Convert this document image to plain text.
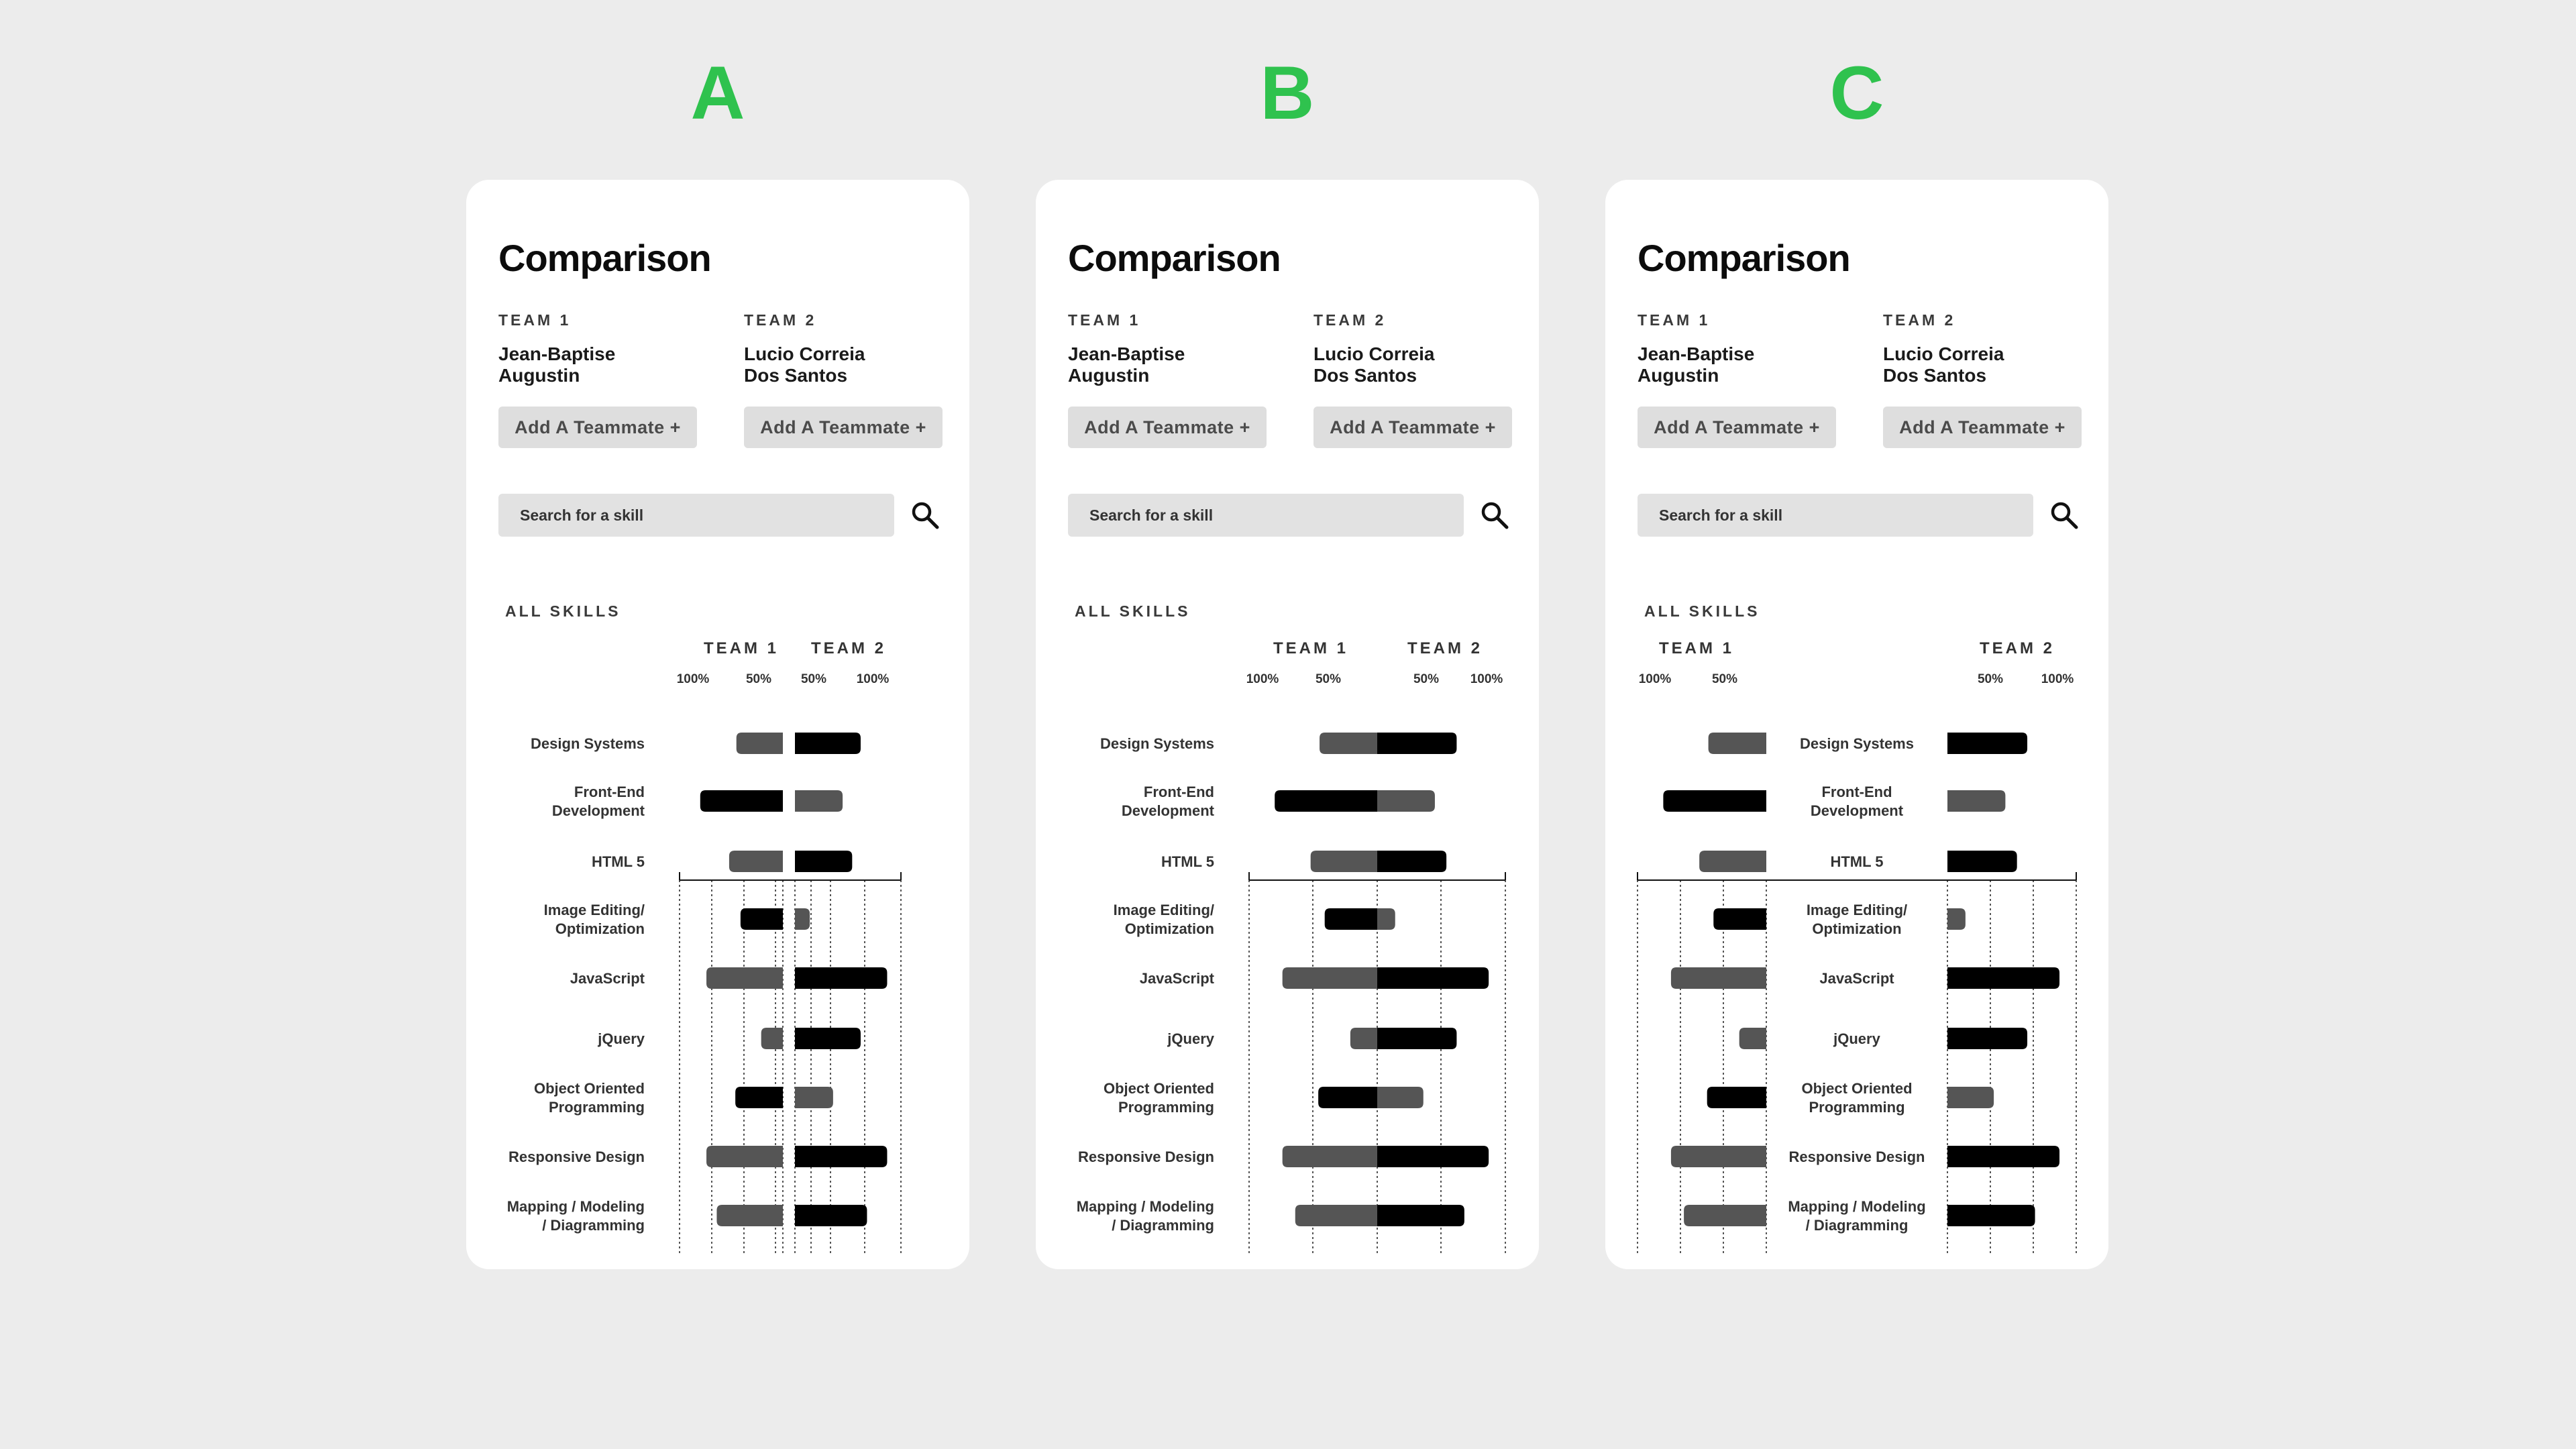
A
Comparison
TEAM 1
Jean-Baptise
Augustin
Add A Teammate +
TEAM 2
Lucio Correia
Dos Santos
Add A Teammate +
Search for a skill
ALL SKILLS
TEAM 1 TEAM 2
100%	50% 50% 100%
Design Systems
Front-End Development
HTML 5
Image Editing/ Optimization
JavaScript
jQuery
Object Oriented Programming
Responsive Design
Mapping / Modeling / Diagramming
B
Comparison
TEAM 1
Jean-Baptise
Augustin
Add A Teammate +
TEAM 2
Lucio Correia
Dos Santos
Add A Teammate +
Search for a skill
ALL SKILLS
TEAM 1	TEAM 2
100%	50%	50% 100%
Design Systems
Front-End Development
HTML 5
Image Editing/ Optimization
JavaScript
jQuery
Object Oriented Programming
Responsive Design
Mapping / Modeling / Diagramming
C
Comparison
TEAM 1
Jean-Baptise
Augustin
Add A Teammate +
TEAM 2
Lucio Correia
Dos Santos
Add A Teammate +
Search for a skill
ALL SKILLS
TEAM 1	TEAM 2
100%	50%	50%	100%
Design Systems
Front-End Development
HTML 5
Image Editing/ Optimization
JavaScript
jQuery
Object Oriented Programming
Responsive Design
Mapping / Modeling / Diagramming
